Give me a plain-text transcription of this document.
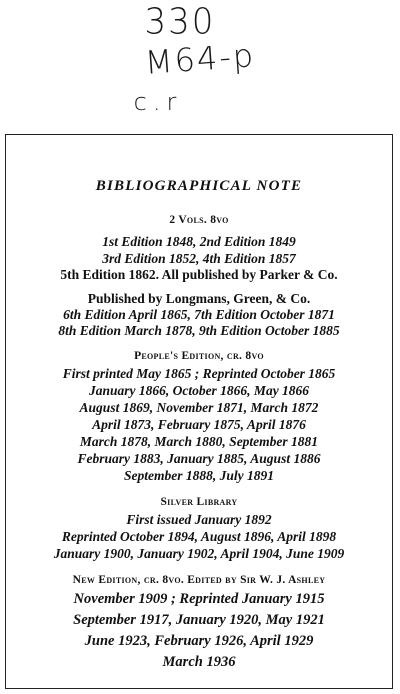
330
M64-p
c.r
BIBLIOGRAPHICAL NOTE
2 Vols. 8vo
1st Edition 1848, 2nd Edition 1849
3rd Edition 1852, 4th Edition 1857
5th Edition 1862. All published by Parker & Co.
Published by Longmans, Green, & Co.
6th Edition April 1865, 7th Edition October 1871
8th Edition March 1878, 9th Edition October 1885
People's Edition, cr. 8vo
First printed May 1865 ; Reprinted October 1865
January 1866, October 1866, May 1866
August 1869, November 1871, March 1872
April 1873, February 1875, April 1876
March 1878, March 1880, September 1881
February 1883, January 1885, August 1886
September 1888, July 1891
Silver Library
First issued January 1892
Reprinted October 1894, August 1896, April 1898
January 1900, January 1902, April 1904, June 1909
New Edition, cr. 8vo. Edited by Sir W. J. Ashley
November 1909 ; Reprinted January 1915
September 1917, January 1920, May 1921
June 1923, February 1926, April 1929
March 1936
